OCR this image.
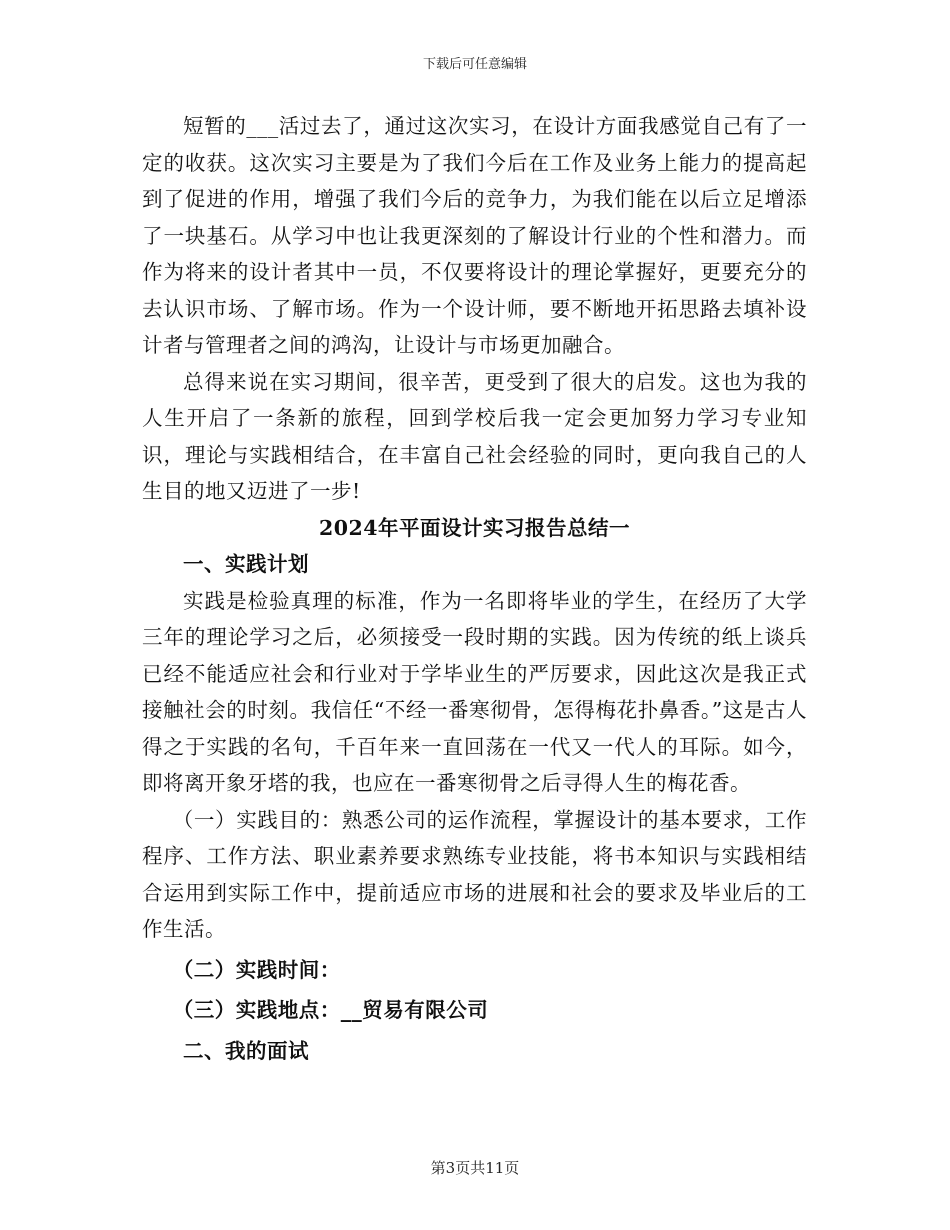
下载后可任意编辑

短暂的___活过去了，通过这次实习，在设计方面我感觉自己有了一定的收获。这次实习主要是为了我们今后在工作及业务上能力的提高起到了促进的作用，增强了我们今后的竞争力，为我们能在以后立足增添了一块基石。从学习中也让我更深刻的了解设计行业的个性和潜力。而作为将来的设计者其中一员，不仅要将设计的理论掌握好，更要充分的去认识市场、了解市场。作为一个设计师，要不断地开拓思路去填补设计者与管理者之间的鸿沟，让设计与市场更加融合。

总得来说在实习期间，很辛苦，更受到了很大的启发。这也为我的人生开启了一条新的旅程，回到学校后我一定会更加努力学习专业知识，理论与实践相结合，在丰富自己社会经验的同时，更向我自己的人生目的地又迈进了一步!

2024年平面设计实习报告总结一

一、实践计划

实践是检验真理的标准，作为一名即将毕业的学生，在经历了大学三年的理论学习之后，必须接受一段时期的实践。因为传统的纸上谈兵已经不能适应社会和行业对于学毕业生的严厉要求，因此这次是我正式接触社会的时刻。我信任“不经一番寒彻骨，怎得梅花扑鼻香。”这是古人得之于实践的名句，千百年来一直回荡在一代又一代人的耳际。如今，即将离开象牙塔的我，也应在一番寒彻骨之后寻得人生的梅花香。

（一）实践目的：熟悉公司的运作流程，掌握设计的基本要求，工作程序、工作方法、职业素养要求熟练专业技能，将书本知识与实践相结合运用到实际工作中，提前适应市场的进展和社会的要求及毕业后的工作生活。

（二）实践时间：

（三）实践地点：__贸易有限公司

二、我的面试

第3页共11页
